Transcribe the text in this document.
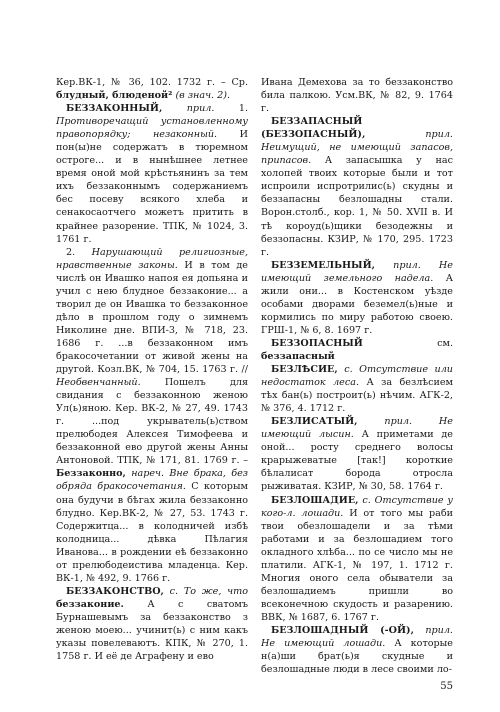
Кер.ВК-1, № 36, 102. 1732 г. – Ср. блудный, блюденой² (в знач. 2).

БЕЗЗАКОННЫЙ,	прил. 1. Противоречащий установленному правопорядку; незаконный. И пон(ы)не содержатъ в тюремном остроге... и в нынѣшнее летнее время оной мой крѣстьянинъ за тем ихъ беззаконнымъ содержаниемъ бес посеву всякого хлеба и сенакосаотчего можетъ притить в крайнее разорение. ТПК, № 1024, 3. 1761 г.

2. Нарушающий религиозные, нравственные законы. И в том де числѣ он Ивашко напоя ея допьяна и учил с нею блудное беззаконие... а творил де он Ивашка то беззаконное дѣло в прошлом году о зимнемъ Николине дне. ВПИ-3, № 718, 23. 1686 г. ...в беззаконном имъ бракосочетании от живой жены на другой. Козл.ВК, № 704, 15. 1763 г. // Необвенчанный. Пошелъ для свидания с беззаконною женою Ул(ь)яною. Кер. ВК-2, № 27, 49. 1743 г. ...под укрыватель(ь)ством прелюбодея Алексея Тимофеева и беззаконной ево другой жены Анны Антоновой. ТПК, № 171, 81. 1769 г. – Беззаконно, нареч. Вне брака, без обряда бракосочетания. С которым она будучи в бѣгах жила беззаконно блудно. Кер.ВК-2, № 27, 53. 1743 г. Содержитца... в колодничей избѣ колодница... дѣвка Пѣлагия Иванова... в рождении еѣ беззаконно от прелюбодеистива младенца. Кер. ВК-1, № 492, 9. 1766 г.

БЕЗЗАКОНСТВО, с. То же, что беззаконие. А с сватомъ Бурнашевымъ за беззаконство з женою моею... учинит(ь) с ним какъ указы повелеваютъ. КПК, № 270, 1. 1758 г. И её де Аграфену и ево

Ивана Демехова за то беззаконство била палкою. Усм.ВК, № 82, 9. 1764 г.

БЕЗЗАПАСНЫЙ (БЕЗЗОПАСНЫЙ),	прил. Неимущий, не имеющий запасов, припасов. А запасышка у нас холопей твоих которые были и тот испроили испротрилис(ь) скудны и беззапасны безлошадны стали. Ворон.столб., кор. 1, № 50. XVII в. И тѣ короуд(ь)щики безодежны и беззопасны. КЗИР, № 170, 295. 1723 г.

БЕЗЗЕМЕЛЬНЫЙ, прил. Не имеющий земельного надела. А жили они... в Костенском уѣзде особами дворами беземел(ь)ные и кормились по миру работою своею. ГРШ-1, № 6, 8. 1697 г.

БЕЗЗОПАСНЫЙ см. беззапасный

БЕЗЛѢСИЕ, с. Отсутствие или недостаток леса. А за безлѣсием тѣх бан(ь) построит(ь) нѣчим. АГК-2, № 376, 4. 1712 г.

БЕЗЛИСАТЫЙ,	прил. Не имеющий лысин. А приметами де оной... росту среднего волосы крарыжеватые [так!] короткие бѣлалисат борода отросла рыживатая. КЗИР, № 30, 58. 1764 г.

БЕЗЛОШАДИЕ, с. Отсутствие у кого-л. лошади. И от того мы раби твои обезлошадели и за тѣми работами и за безлошадием того окладного хлѣба... по се число мы не платили. АГК-1, № 197, 1. 1712 г. Многия оного села обыватели за безлошадиемъ пришли во всеконечною скудость и разарению. ВВК, № 1687, 6. 1767 г.

БЕЗЛОШАДНЫЙ (-ОЙ), прил. Не имеющий лошади. А которые н(а)ши брат(ь)я скудные и безлошадные люди в лесе своими ло-

55
